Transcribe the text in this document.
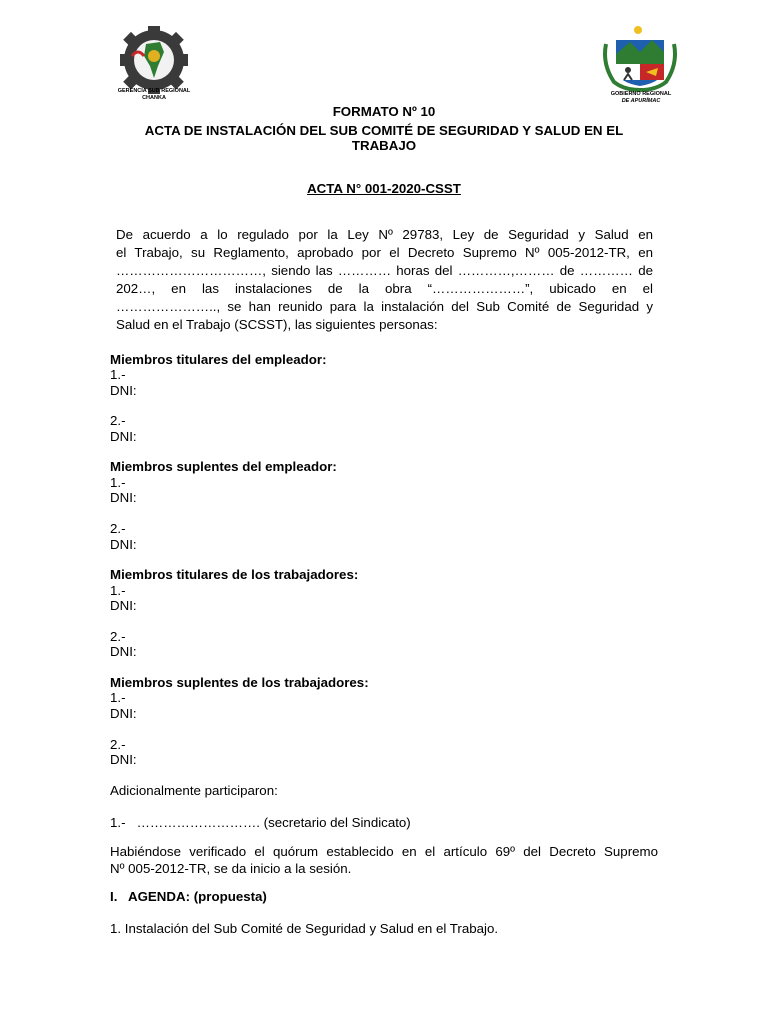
GERENCIA SUB REGIONAL
CHANKA
GOBIERNO REGIONAL
DE APURÍMAC
FORMATO Nº 10
ACTA DE INSTALACIÓN DEL SUB COMITÉ DE SEGURIDAD Y SALUD EN EL
TRABAJO
ACTA N° 001-2020-CSST
De acuerdo a lo regulado por la Ley Nº 29783, Ley de Seguridad y Salud en
el Trabajo, su Reglamento, aprobado por el Decreto Supremo Nº 005-2012-TR, en
……………………………, siendo las ………… horas del …………,……… de ………… de
202…, en las instalaciones de la obra “…………………”, ubicado en el
………………….., se han reunido para la instalación del Sub Comité de Seguridad y
Salud en el Trabajo (SCSST), las siguientes personas:
Miembros titulares del empleador:
1.-
DNI:
2.-
DNI:
Miembros suplentes del empleador:
1.-
DNI:
2.-
DNI:
Miembros titulares de los trabajadores:
1.-
DNI:
2.-
DNI:
Miembros suplentes de los trabajadores:
1.-
DNI:
2.-
DNI:
Adicionalmente participaron:
1.-   ………………………. (secretario del Sindicato)
Habiéndose verificado el quórum establecido en el artículo 69º del Decreto Supremo
Nº 005-2012-TR, se da inicio a la sesión.
I.   AGENDA: (propuesta)
1. Instalación del Sub Comité de Seguridad y Salud en el Trabajo.
